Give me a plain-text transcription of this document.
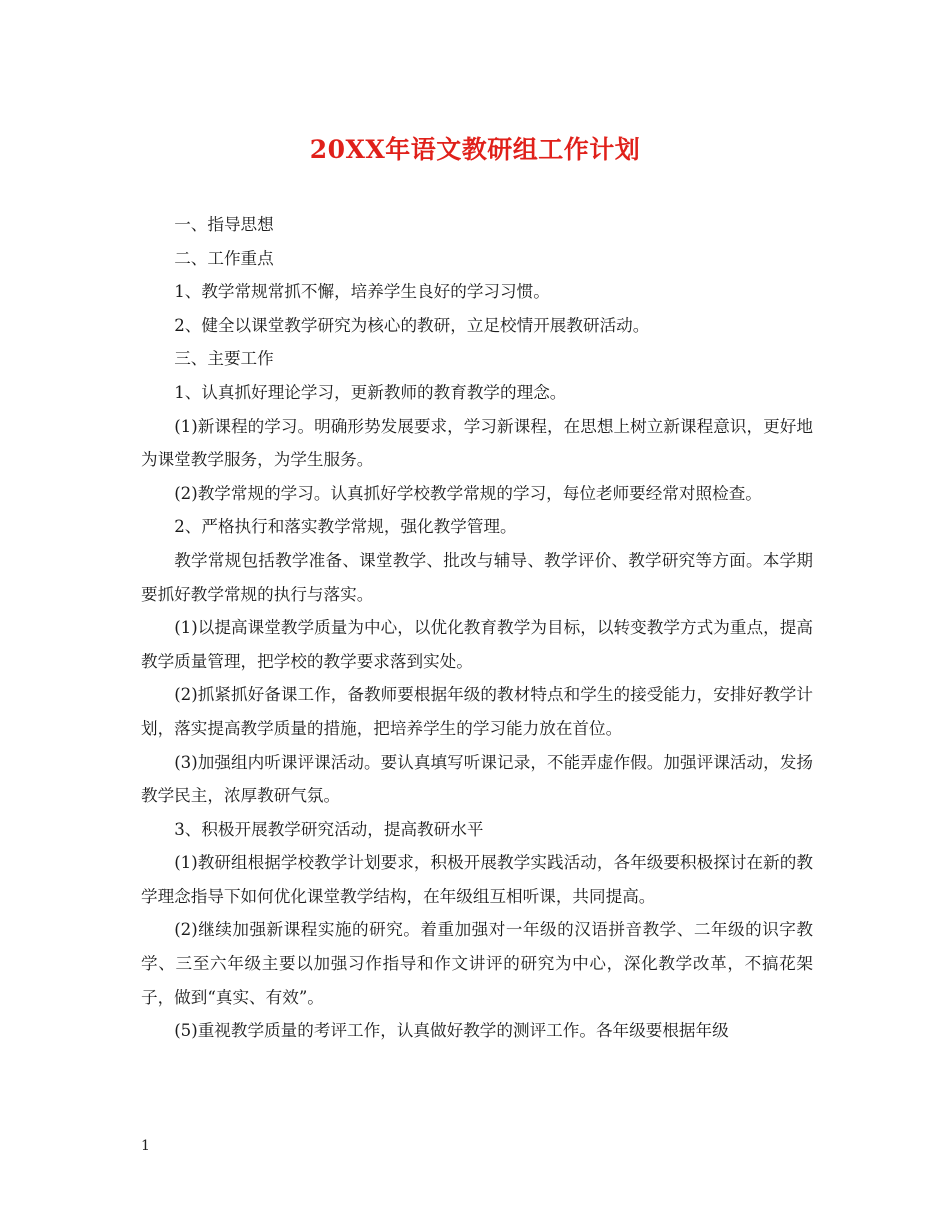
20XX年语文教研组工作计划

一、指导思想

二、工作重点

1、教学常规常抓不懈，培养学生良好的学习习惯。

2、健全以课堂教学研究为核心的教研，立足校情开展教研活动。

三、主要工作

1、认真抓好理论学习，更新教师的教育教学的理念。

(1)新课程的学习。明确形势发展要求，学习新课程，在思想上树立新课程意识，更好地为课堂教学服务，为学生服务。

(2)教学常规的学习。认真抓好学校教学常规的学习，每位老师要经常对照检查。

2、严格执行和落实教学常规，强化教学管理。

教学常规包括教学准备、课堂教学、批改与辅导、教学评价、教学研究等方面。本学期要抓好教学常规的执行与落实。

(1)以提高课堂教学质量为中心，以优化教育教学为目标，以转变教学方式为重点，提高教学质量管理，把学校的教学要求落到实处。

(2)抓紧抓好备课工作，备教师要根据年级的教材特点和学生的接受能力，安排好教学计划，落实提高教学质量的措施，把培养学生的学习能力放在首位。

(3)加强组内听课评课活动。要认真填写听课记录，不能弄虚作假。加强评课活动，发扬教学民主，浓厚教研气氛。

3、积极开展教学研究活动，提高教研水平

(1)教研组根据学校教学计划要求，积极开展教学实践活动，各年级要积极探讨在新的教学理念指导下如何优化课堂教学结构，在年级组互相听课，共同提高。

(2)继续加强新课程实施的研究。着重加强对一年级的汉语拼音教学、二年级的识字教学、三至六年级主要以加强习作指导和作文讲评的研究为中心，深化教学改革，不搞花架子，做到“真实、有效”。

(5)重视教学质量的考评工作，认真做好教学的测评工作。各年级要根据年级

1
